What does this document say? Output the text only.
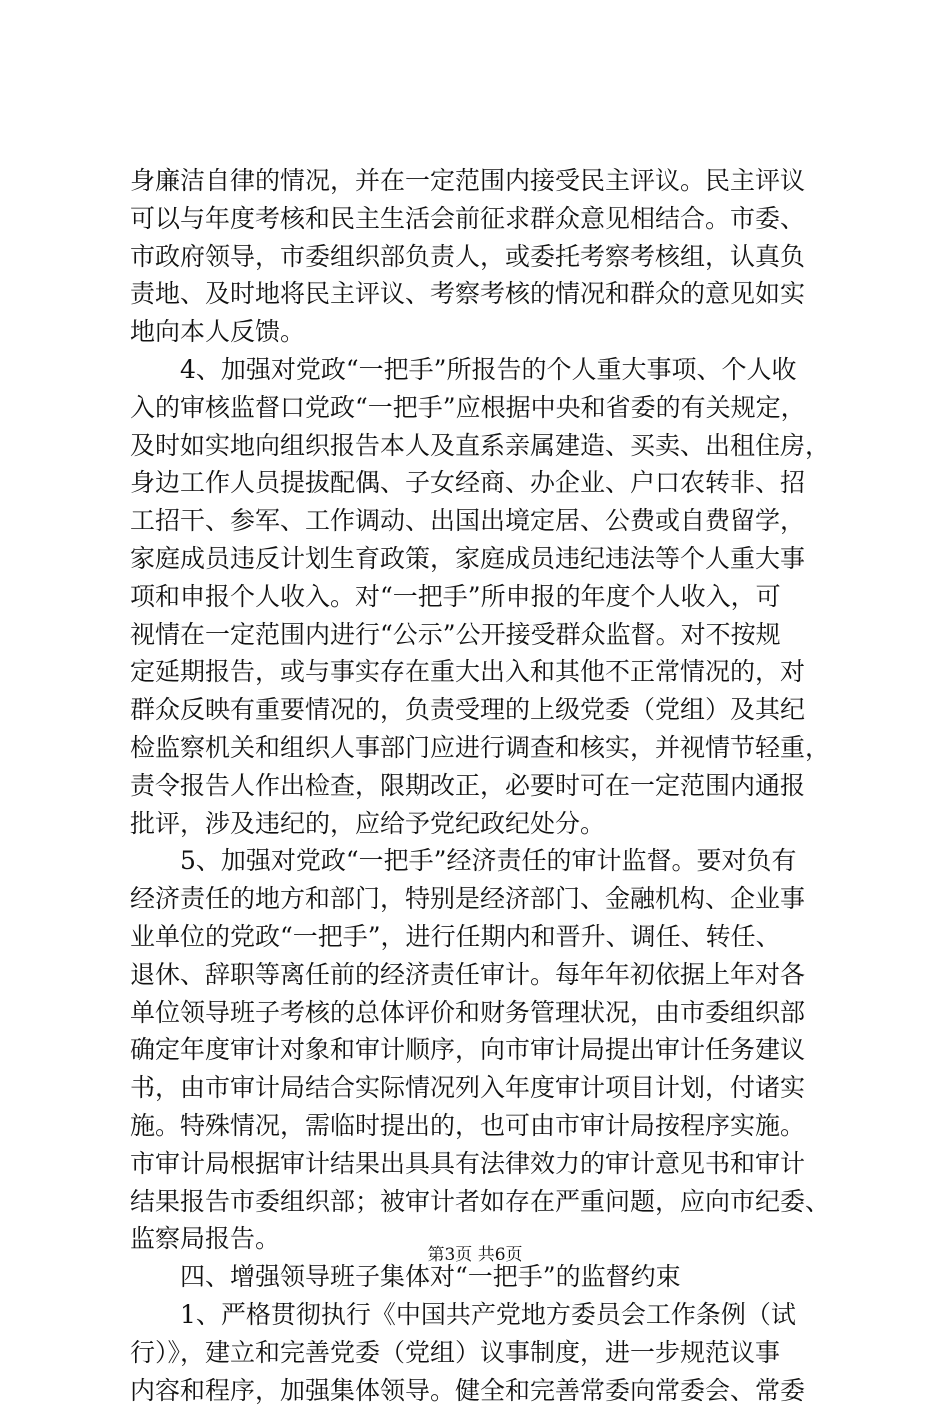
身廉洁自律的情况，并在一定范围内接受民主评议。民主评议
可以与年度考核和民主生活会前征求群众意见相结合。市委、
市政府领导，市委组织部负责人，或委托考察考核组，认真负
责地、及时地将民主评议、考察考核的情况和群众的意见如实
地向本人反馈。
4、加强对党政“一把手”所报告的个人重大事项、个人收
入的审核监督口党政“一把手”应根据中央和省委的有关规定，
及时如实地向组织报告本人及直系亲属建造、买卖、出租住房，
身边工作人员提拔配偶、子女经商、办企业、户口农转非、招
工招干、参军、工作调动、出国出境定居、公费或自费留学，
家庭成员违反计划生育政策，家庭成员违纪违法等个人重大事
项和申报个人收入。对“一把手”所申报的年度个人收入，可
视情在一定范围内进行“公示”公开接受群众监督。对不按规
定延期报告，或与事实存在重大出入和其他不正常情况的，对
群众反映有重要情况的，负责受理的上级党委（党组）及其纪
检监察机关和组织人事部门应进行调查和核实，并视情节轻重，
责令报告人作出检查，限期改正，必要时可在一定范围内通报
批评，涉及违纪的，应给予党纪政纪处分。
5、加强对党政“一把手”经济责任的审计监督。要对负有
经济责任的地方和部门，特别是经济部门、金融机构、企业事
业单位的党政“一把手”，进行任期内和晋升、调任、转任、
退休、辞职等离任前的经济责任审计。每年年初依据上年对各
单位领导班子考核的总体评价和财务管理状况，由市委组织部
确定年度审计对象和审计顺序，向市审计局提出审计任务建议
书，由市审计局结合实际情况列入年度审计项目计划，付诸实
施。特殊情况，需临时提出的，也可由市审计局按程序实施。
市审计局根据审计结果出具具有法律效力的审计意见书和审计
结果报告市委组织部；被审计者如存在严重问题，应向市纪委、
监察局报告。
四、增强领导班子集体对“一把手”的监督约束
1、严格贯彻执行《中国共产党地方委员会工作条例（试
行）》，建立和完善党委（党组）议事制度，进一步规范议事
内容和程序，加强集体领导。健全和完善常委向常委会、常委
第3页 共6页
